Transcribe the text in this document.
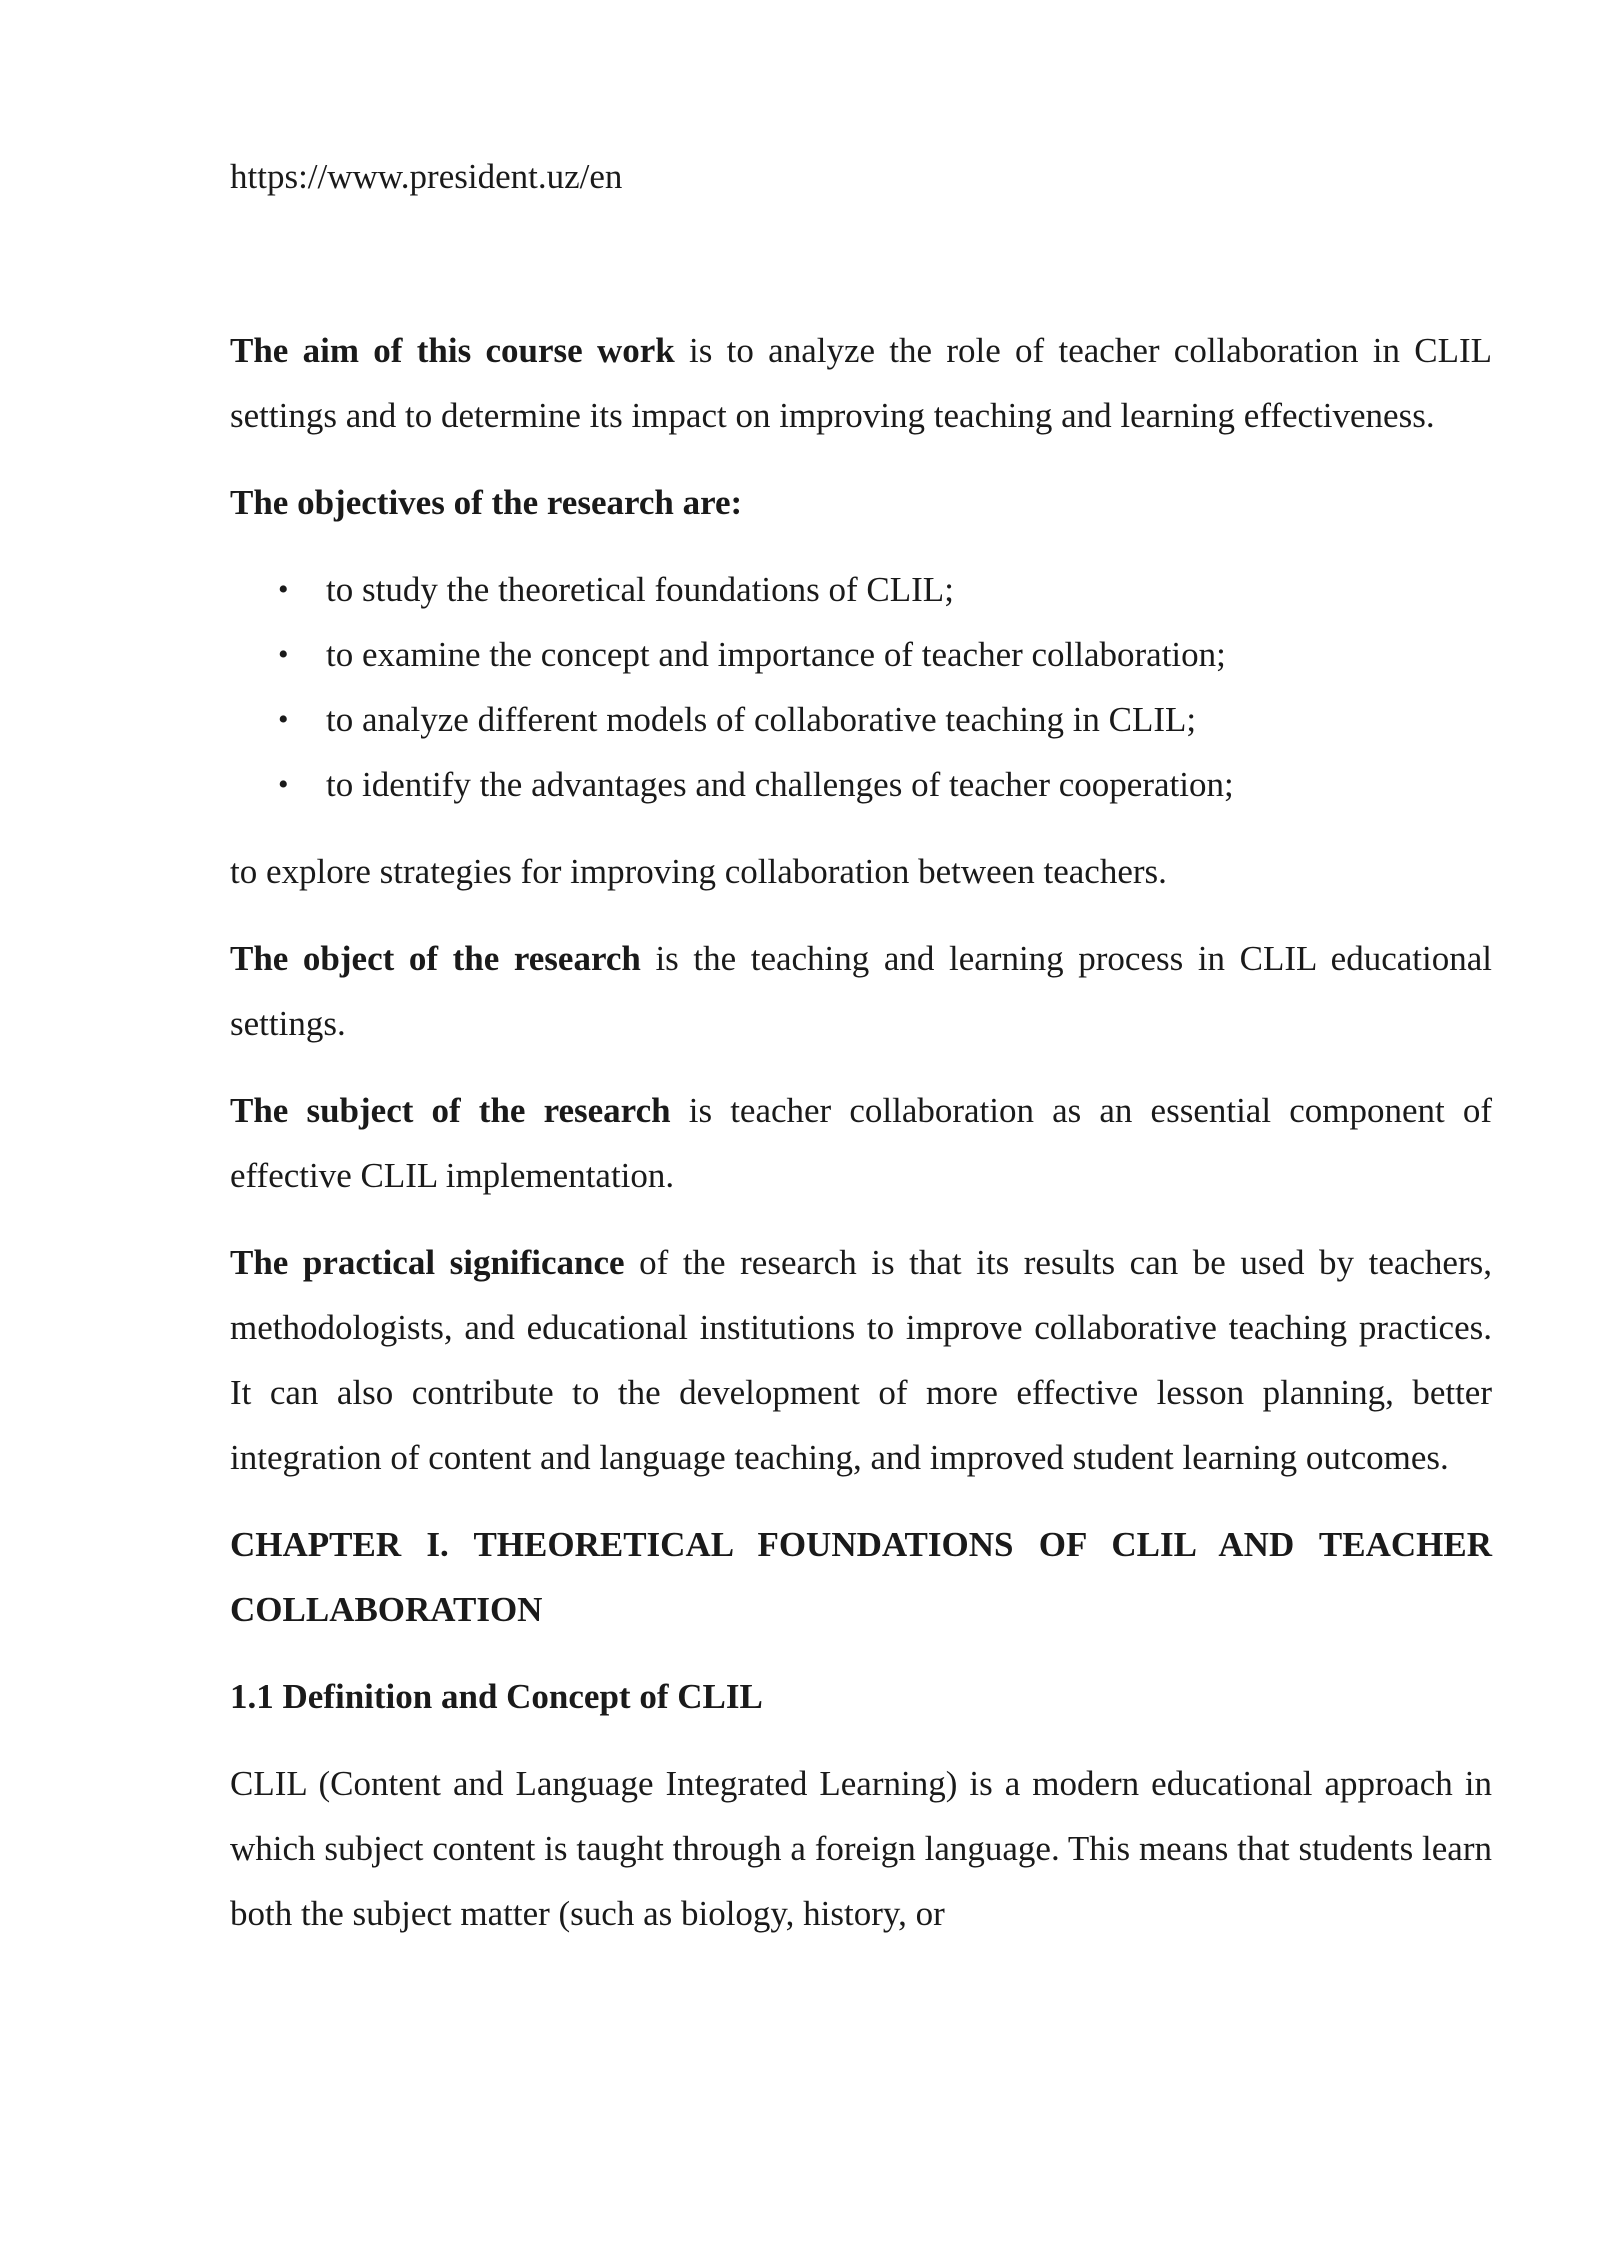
https://www.president.uz/en

The aim of this course work is to analyze the role of teacher collaboration in CLIL settings and to determine its impact on improving teaching and learning effectiveness.

The objectives of the research are:

• to study the theoretical foundations of CLIL;
• to examine the concept and importance of teacher collaboration;
• to analyze different models of collaborative teaching in CLIL;
• to identify the advantages and challenges of teacher cooperation;

to explore strategies for improving collaboration between teachers.

The object of the research is the teaching and learning process in CLIL educational settings.

The subject of the research is teacher collaboration as an essential component of effective CLIL implementation.

The practical significance of the research is that its results can be used by teachers, methodologists, and educational institutions to improve collaborative teaching practices. It can also contribute to the development of more effective lesson planning, better integration of content and language teaching, and improved student learning outcomes.

CHAPTER I. THEORETICAL FOUNDATIONS OF CLIL AND TEACHER COLLABORATION

1.1 Definition and Concept of CLIL

CLIL (Content and Language Integrated Learning) is a modern educational approach in which subject content is taught through a foreign language. This means that students learn both the subject matter (such as biology, history, or
